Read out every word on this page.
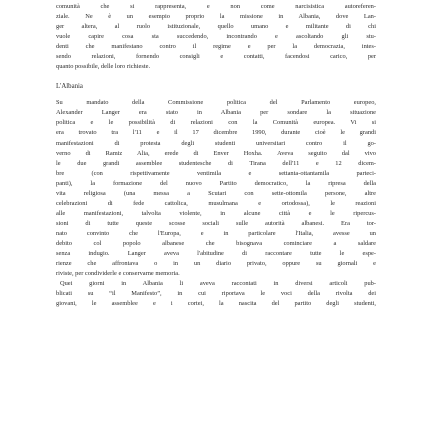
comunità che si rappresenta, e non come narcisistica autoreferen-
ziale. Ne è un esempio proprio la missione in Albania, dove Lan-
ger altera, al ruolo istituzionale, quello umano e militante di chi
vuole capire cosa sta succedendo, incontrando e ascoltando gli stu-
denti che manifestano contro il regime e per la democrazia, intes-
sendo relazioni, fornendo consigli e contatti, facendosi carico, per
quanto possibile, delle loro richieste.
L'Albania
Su mandato della Commissione politica del Parlamento europeo,
Alexander Langer era stato in Albania per sondare la situazione
politica e le possibilità di relazioni con la Comunità europea. Vi si
era trovato tra l'11 e il 17 dicembre 1990, durante cioè le grandi
manifestazioni di protesta degli studenti universitari contro il go-
verno di Ramiz Alia, erede di Enver Hoxha. Aveva seguito dal vivo
le due grandi assemblee studentesche di Tirana dell'11 e 12 dicem-
bre (con rispettivamente ventimila e settanta-ottantamila parteci-
panti), la formazione del nuovo Partito democratico, la ripresa della
vita religiosa (una messa a Scutari con sette-ottomila persone, altre
celebrazioni di fede cattolica, musulmana e ortodossa), le reazioni
alle manifestazioni, talvolta violente, in alcune città e le ripercus-
sioni di tutte queste scosse sociali sulle autorità albanesi. Era tor-
nato convinto che l'Europa, e in particolare l'Italia, avesse un
debito col popolo albanese che bisognava cominciare a saldare
senza indugio. Langer aveva l'abitudine di raccontare tutte le espe-
rienze che affrontava o in un diario privato, oppure su giornali e
riviste, per condividerle e conservarne memoria.
Quei giorni in Albania li aveva raccontati in diversi articoli pub-
blicati su “il Manifesto”, in cui riportava le voci della rivolta dei
giovani, le assemblee e i cortei, la nascita del partito degli studenti,
